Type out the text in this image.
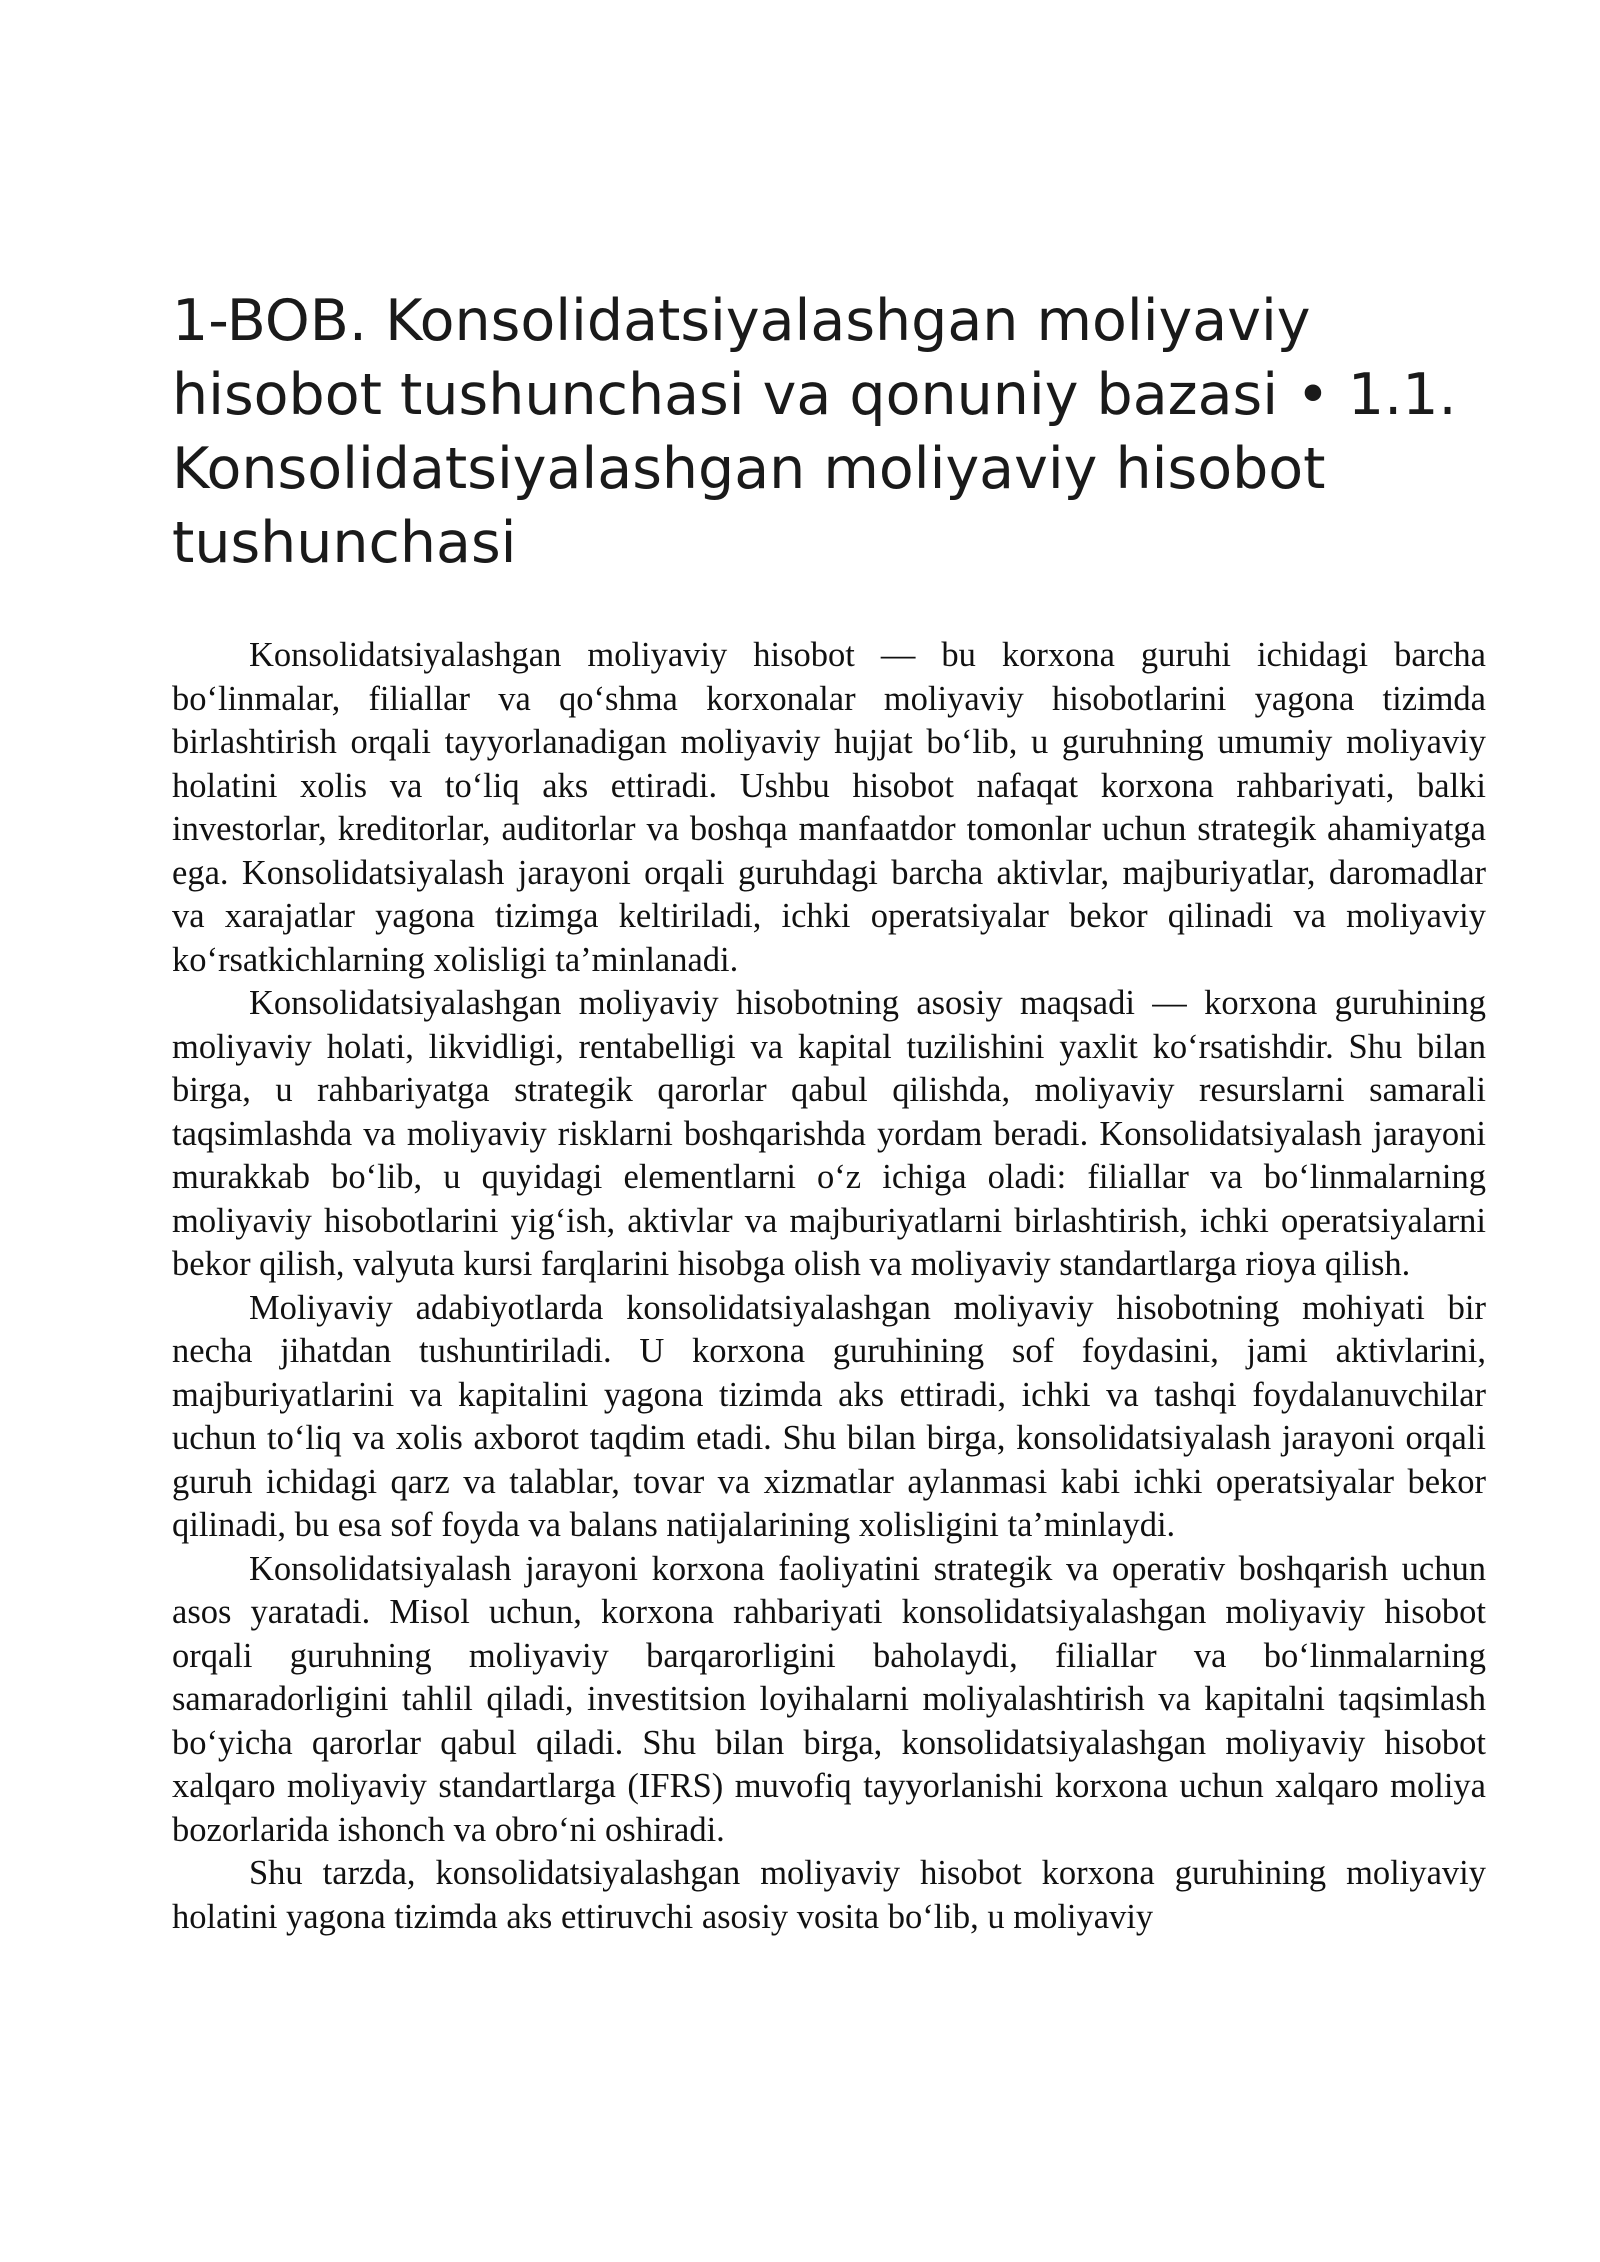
1-BOB. Konsolidatsiyalashgan moliyaviy hisobot tushunchasi va qonuniy bazasi • 1.1. Konsolidatsiyalashgan moliyaviy hisobot tushunchasi

Konsolidatsiyalashgan moliyaviy hisobot — bu korxona guruhi ichidagi barcha bo‘linmalar, filiallar va qo‘shma korxonalar moliyaviy hisobotlarini yagona tizimda birlashtirish orqali tayyorlanadigan moliyaviy hujjat bo‘lib, u guruhning umumiy moliyaviy holatini xolis va to‘liq aks ettiradi. Ushbu hisobot nafaqat korxona rahbariyati, balki investorlar, kreditorlar, auditorlar va boshqa manfaatdor tomonlar uchun strategik ahamiyatga ega. Konsolidatsiyalash jarayoni orqali guruhdagi barcha aktivlar, majburiyatlar, daromadlar va xarajatlar yagona tizimga keltiriladi, ichki operatsiyalar bekor qilinadi va moliyaviy ko‘rsatkichlarning xolisligi ta’minlanadi.

Konsolidatsiyalashgan moliyaviy hisobotning asosiy maqsadi — korxona guruhining moliyaviy holati, likvidligi, rentabelligi va kapital tuzilishini yaxlit ko‘rsatishdir. Shu bilan birga, u rahbariyatga strategik qarorlar qabul qilishda, moliyaviy resurslarni samarali taqsimlashda va moliyaviy risklarni boshqarishda yordam beradi. Konsolidatsiyalash jarayoni murakkab bo‘lib, u quyidagi elementlarni o‘z ichiga oladi: filiallar va bo‘linmalarning moliyaviy hisobotlarini yig‘ish, aktivlar va majburiyatlarni birlashtirish, ichki operatsiyalarni bekor qilish, valyuta kursi farqlarini hisobga olish va moliyaviy standartlarga rioya qilish.

Moliyaviy adabiyotlarda konsolidatsiyalashgan moliyaviy hisobotning mohiyati bir necha jihatdan tushuntiriladi. U korxona guruhining sof foydasini, jami aktivlarini, majburiyatlarini va kapitalini yagona tizimda aks ettiradi, ichki va tashqi foydalanuvchilar uchun to‘liq va xolis axborot taqdim etadi. Shu bilan birga, konsolidatsiyalash jarayoni orqali guruh ichidagi qarz va talablar, tovar va xizmatlar aylanmasi kabi ichki operatsiyalar bekor qilinadi, bu esa sof foyda va balans natijalarining xolisligini ta’minlaydi.

Konsolidatsiyalash jarayoni korxona faoliyatini strategik va operativ boshqarish uchun asos yaratadi. Misol uchun, korxona rahbariyati konsolidatsiyalashgan moliyaviy hisobot orqali guruhning moliyaviy barqarorligini baholaydi, filiallar va bo‘linmalarning samaradorligini tahlil qiladi, investitsion loyihalarni moliyalashtirish va kapitalni taqsimlash bo‘yicha qarorlar qabul qiladi. Shu bilan birga, konsolidatsiyalashgan moliyaviy hisobot xalqaro moliyaviy standartlarga (IFRS) muvofiq tayyorlanishi korxona uchun xalqaro moliya bozorlarida ishonch va obro‘ni oshiradi.

Shu tarzda, konsolidatsiyalashgan moliyaviy hisobot korxona guruhining moliyaviy holatini yagona tizimda aks ettiruvchi asosiy vosita bo‘lib, u moliyaviy
